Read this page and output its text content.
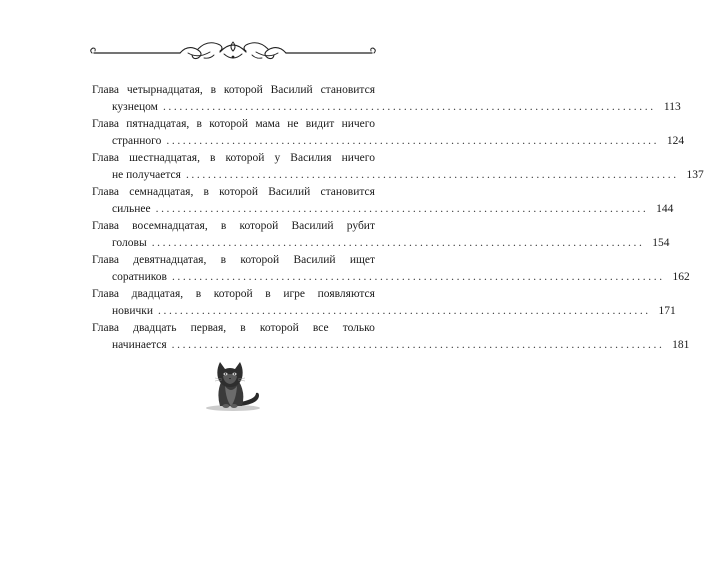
Глава четырнадцатая, в которой Василий становится
кузнецом .......................................................................................... 113
Глава пятнадцатая, в которой мама не видит ничего
странного .......................................................................................... 124
Глава шестнадцатая, в которой у Василия ничего
не получается .......................................................................................... 137
Глава семнадцатая, в которой Василий становится
сильнее .......................................................................................... 144
Глава восемнадцатая, в которой Василий рубит
головы .......................................................................................... 154
Глава девятнадцатая, в которой Василий ищет
соратников .......................................................................................... 162
Глава двадцатая, в которой в игре появляются
новички .......................................................................................... 171
Глава двадцать первая, в которой все только
начинается .......................................................................................... 181
